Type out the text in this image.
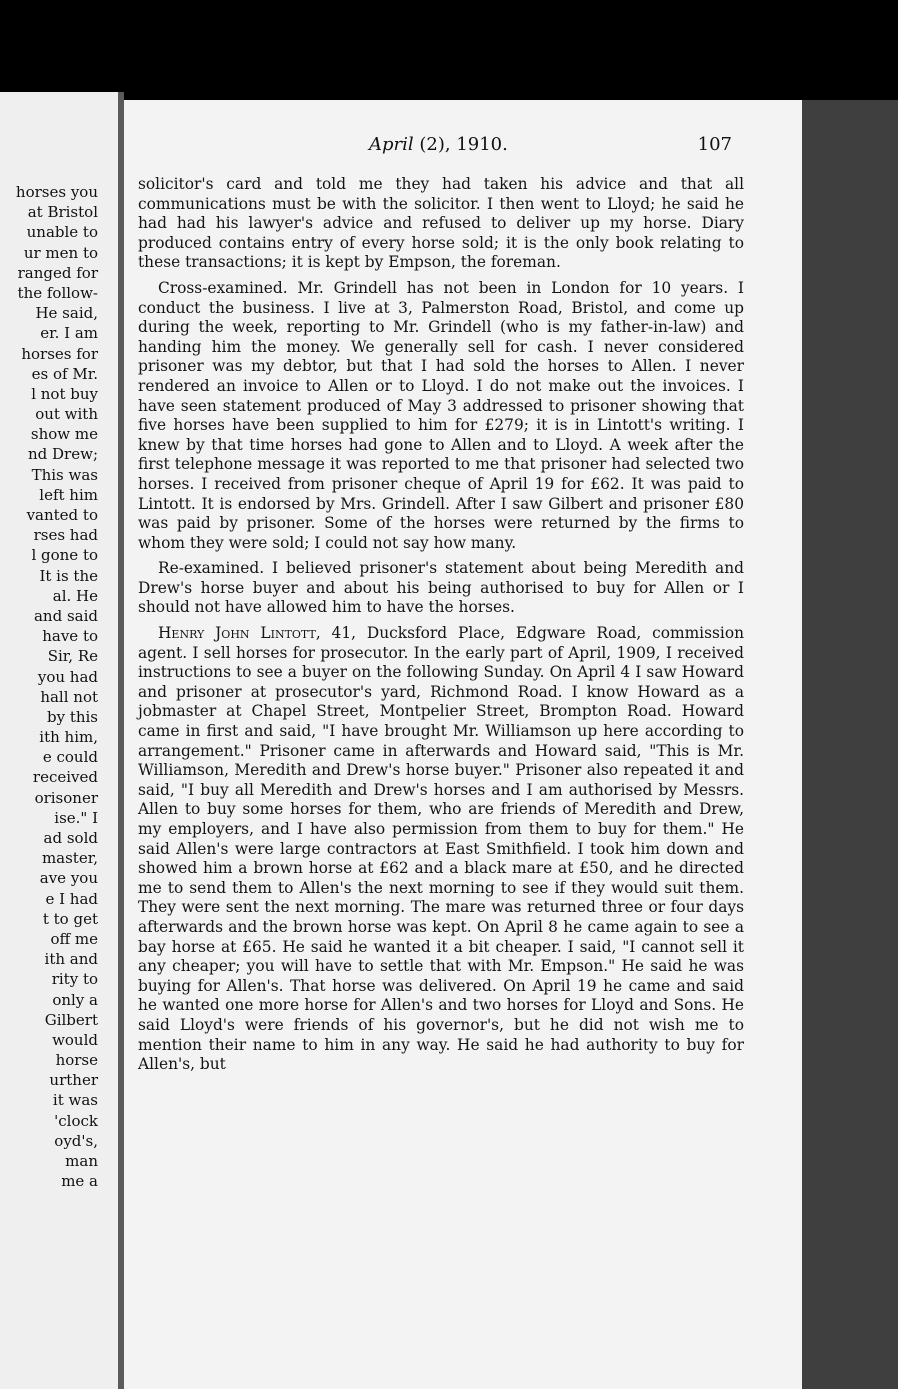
horses you
at Bristol
unable to
ur men to
ranged for
the follow-
He said,
er. I am
horses for
es of Mr.
l not buy
out with
show me
nd Drew;
This was
left him
vanted to
rses had
l gone to
It is the
al. He
and said
have to
Sir, Re
you had
hall not
by this
ith him,
e could
received
orisoner
ise." I
ad sold
master,
ave you
e I had
t to get
off me
ith and
rity to
only a
Gilbert
would
horse
urther
it was
'clock
oyd's,
man
me a
April (2), 1910.	107

solicitor's card and told me they had taken his advice and that all communications must be with the solicitor. I then went to Lloyd; he said he had had his lawyer's advice and refused to deliver up my horse. Diary produced contains entry of every horse sold; it is the only book relating to these transactions; it is kept by Empson, the foreman.

Cross-examined. Mr. Grindell has not been in London for 10 years. I conduct the business. I live at 3, Palmerston Road, Bristol, and come up during the week, reporting to Mr. Grindell (who is my father-in-law) and handing him the money. We generally sell for cash. I never considered prisoner was my debtor, but that I had sold the horses to Allen. I never rendered an invoice to Allen or to Lloyd. I do not make out the invoices. I have seen statement produced of May 3 addressed to prisoner showing that five horses have been supplied to him for £279; it is in Lintott's writing. I knew by that time horses had gone to Allen and to Lloyd. A week after the first telephone message it was reported to me that prisoner had selected two horses. I received from prisoner cheque of April 19 for £62. It was paid to Lintott. It is endorsed by Mrs. Grindell. After I saw Gilbert and prisoner £80 was paid by prisoner. Some of the horses were returned by the firms to whom they were sold; I could not say how many.

Re-examined. I believed prisoner's statement about being Meredith and Drew's horse buyer and about his being authorised to buy for Allen or I should not have allowed him to have the horses.

Henry John Lintott, 41, Ducksford Place, Edgware Road, commission agent. I sell horses for prosecutor. In the early part of April, 1909, I received instructions to see a buyer on the following Sunday. On April 4 I saw Howard and prisoner at prosecutor's yard, Richmond Road. I know Howard as a jobmaster at Chapel Street, Montpelier Street, Brompton Road. Howard came in first and said, "I have brought Mr. Williamson up here according to arrangement." Prisoner came in afterwards and Howard said, "This is Mr. Williamson, Meredith and Drew's horse buyer." Prisoner also repeated it and said, "I buy all Meredith and Drew's horses and I am authorised by Messrs. Allen to buy some horses for them, who are friends of Meredith and Drew, my employers, and I have also permission from them to buy for them." He said Allen's were large contractors at East Smithfield. I took him down and showed him a brown horse at £62 and a black mare at £50, and he directed me to send them to Allen's the next morning to see if they would suit them. They were sent the next morning. The mare was returned three or four days afterwards and the brown horse was kept. On April 8 he came again to see a bay horse at £65. He said he wanted it a bit cheaper. I said, "I cannot sell it any cheaper; you will have to settle that with Mr. Empson." He said he was buying for Allen's. That horse was delivered. On April 19 he came and said he wanted one more horse for Allen's and two horses for Lloyd and Sons. He said Lloyd's were friends of his governor's, but he did not wish me to mention their name to him in any way. He said he had authority to buy for Allen's, but
